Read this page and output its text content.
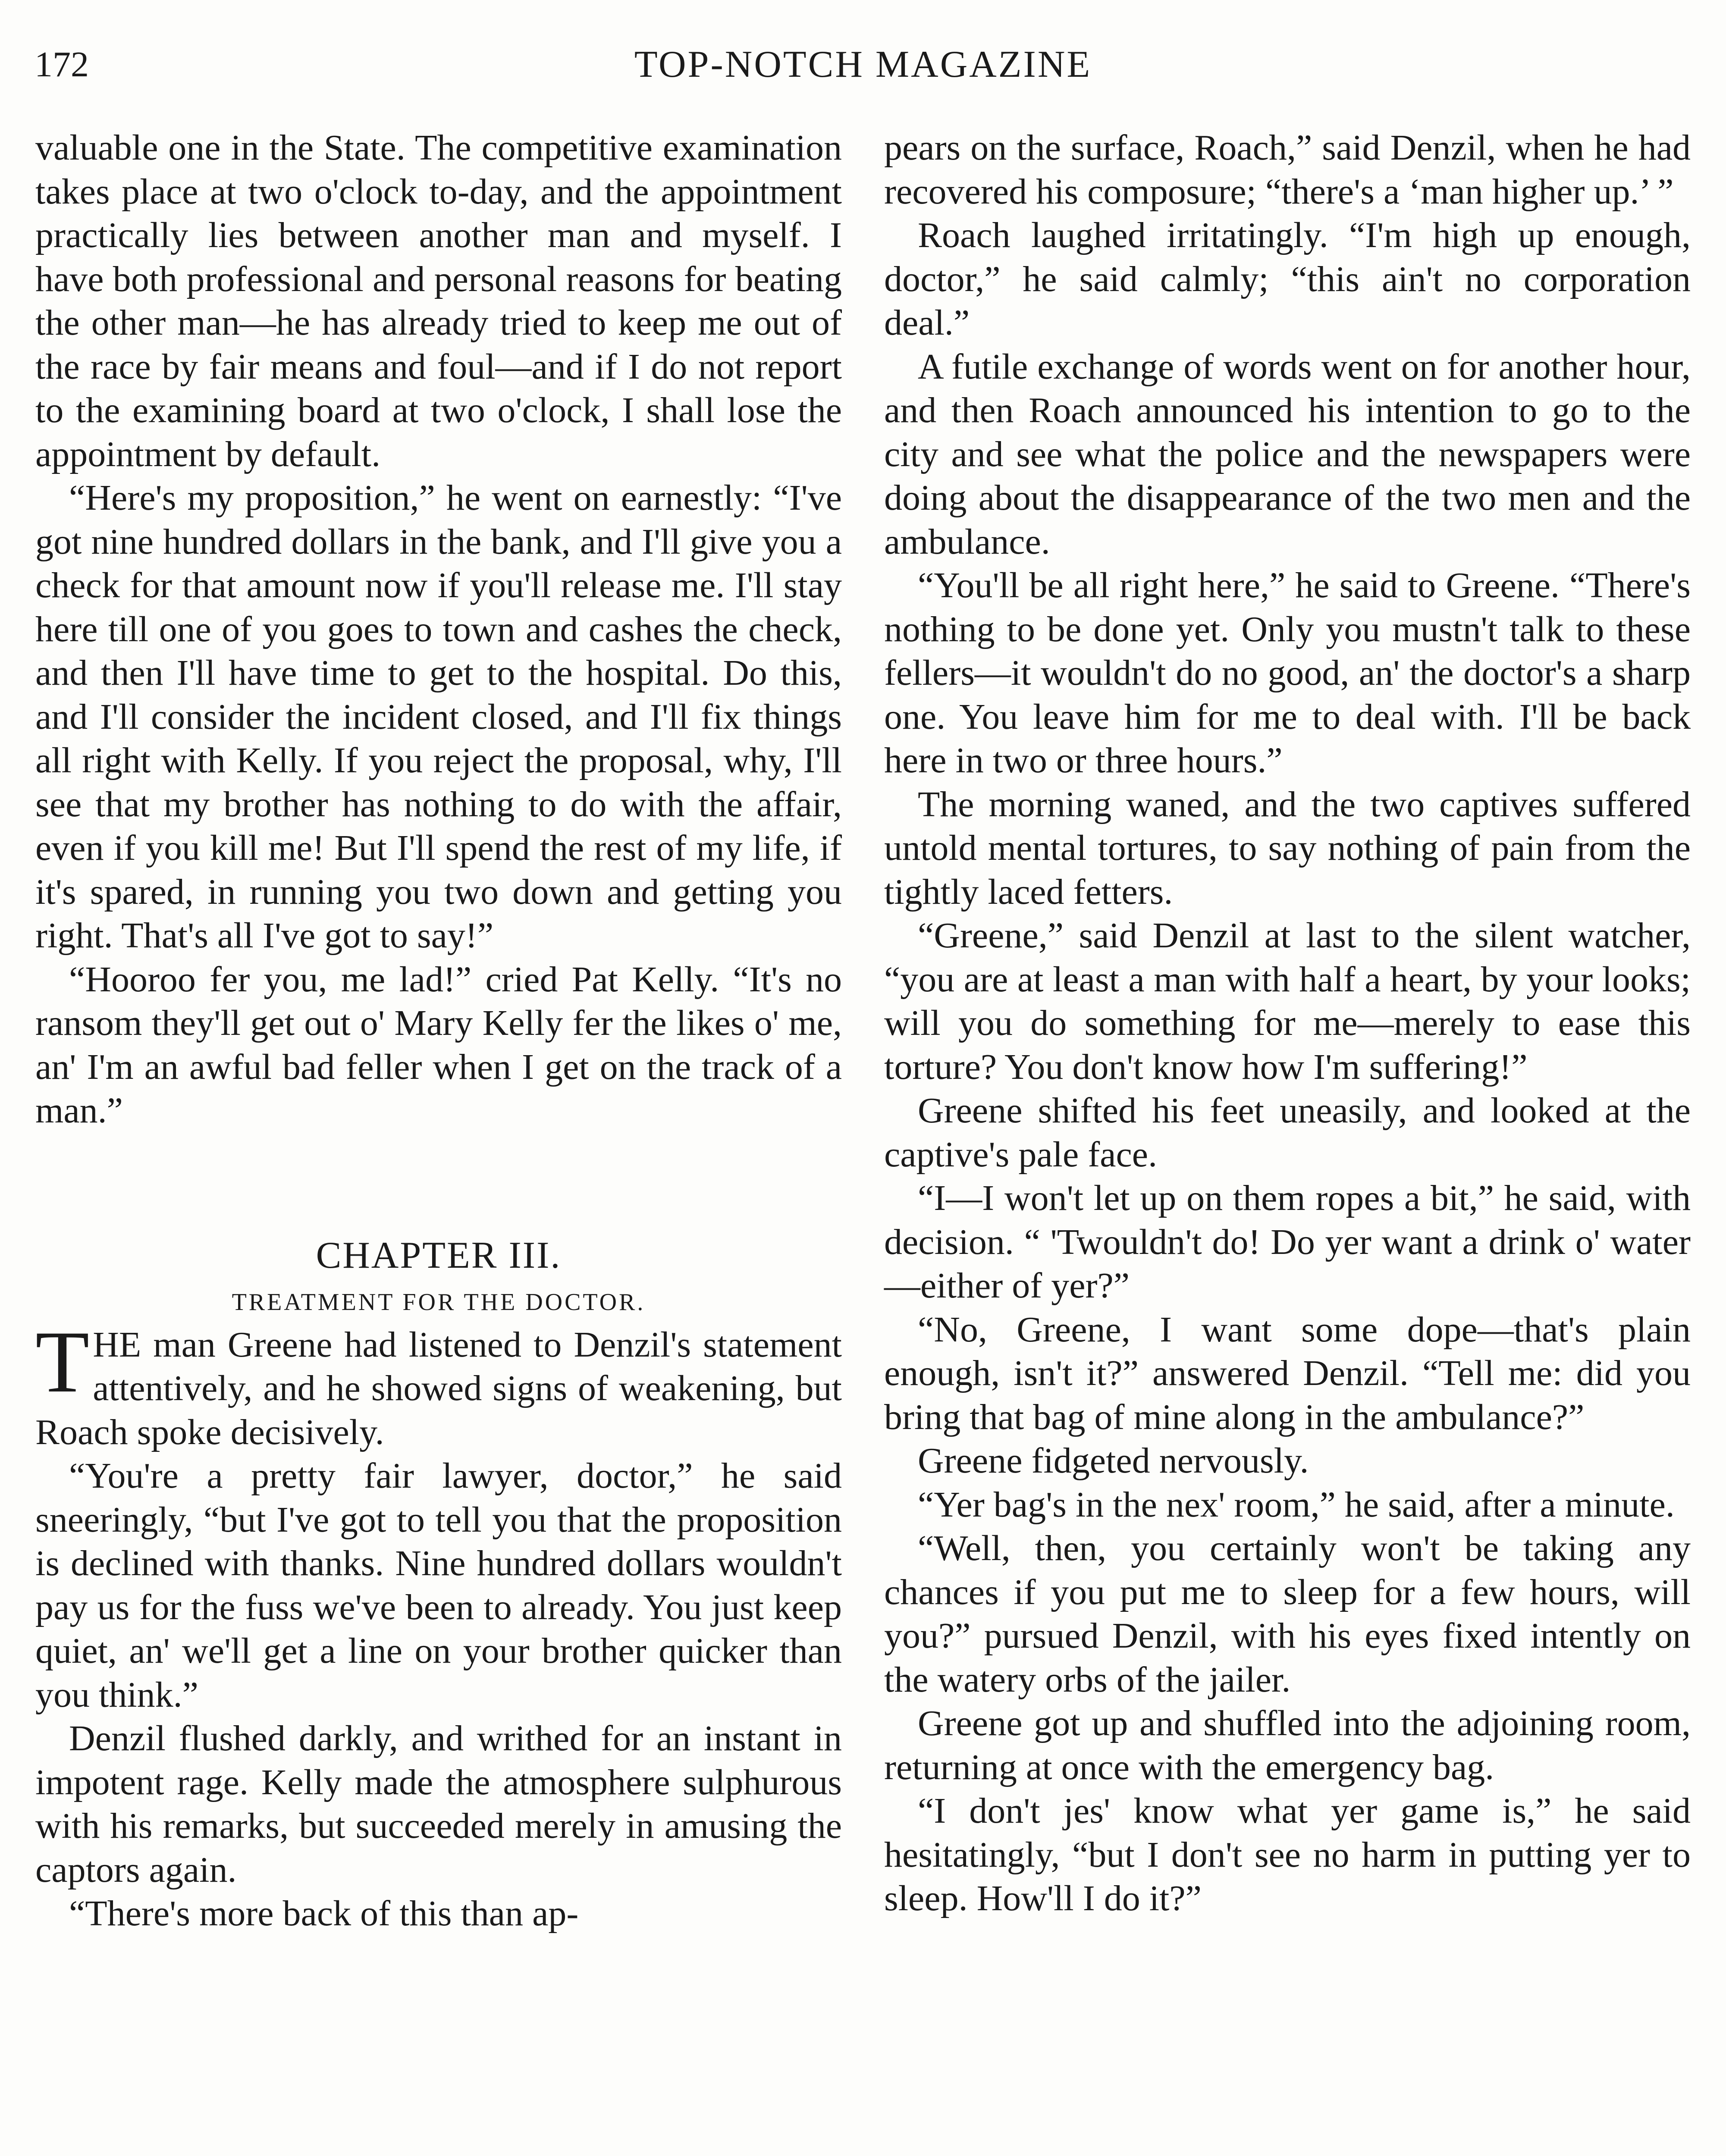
172	TOP-NOTCH MAGAZINE

valuable one in the State. The competitive examination takes place at two o'clock to-day, and the appointment practically lies between another man and myself. I have both professional and personal reasons for beating the other man—he has already tried to keep me out of the race by fair means and foul—and if I do not report to the examining board at two o'clock, I shall lose the appointment by default.

“Here's my proposition,” he went on earnestly: “I've got nine hundred dollars in the bank, and I'll give you a check for that amount now if you'll release me. I'll stay here till one of you goes to town and cashes the check, and then I'll have time to get to the hospital. Do this, and I'll consider the incident closed, and I'll fix things all right with Kelly. If you reject the proposal, why, I'll see that my brother has nothing to do with the affair, even if you kill me! But I'll spend the rest of my life, if it's spared, in running you two down and getting you right. That's all I've got to say!”

“Hooroo fer you, me lad!” cried Pat Kelly. “It's no ransom they'll get out o' Mary Kelly fer the likes o' me, an' I'm an awful bad feller when I get on the track of a man.”

CHAPTER III.

TREATMENT FOR THE DOCTOR.

THE man Greene had listened to Denzil's statement attentively, and he showed signs of weakening, but Roach spoke decisively.

“You're a pretty fair lawyer, doctor,” he said sneeringly, “but I've got to tell you that the proposition is declined with thanks. Nine hundred dollars wouldn't pay us for the fuss we've been to already. You just keep quiet, an' we'll get a line on your brother quicker than you think.”

Denzil flushed darkly, and writhed for an instant in impotent rage. Kelly made the atmosphere sulphurous with his remarks, but succeeded merely in amusing the captors again.

“There's more back of this than ap-

pears on the surface, Roach,” said Denzil, when he had recovered his composure; “there's a ‘man higher up.’ ”

Roach laughed irritatingly. “I'm high up enough, doctor,” he said calmly; “this ain't no corporation deal.”

A futile exchange of words went on for another hour, and then Roach announced his intention to go to the city and see what the police and the newspapers were doing about the disappearance of the two men and the ambulance.

“You'll be all right here,” he said to Greene. “There's nothing to be done yet. Only you mustn't talk to these fellers—it wouldn't do no good, an' the doctor's a sharp one. You leave him for me to deal with. I'll be back here in two or three hours.”

The morning waned, and the two captives suffered untold mental tortures, to say nothing of pain from the tightly laced fetters.

“Greene,” said Denzil at last to the silent watcher, “you are at least a man with half a heart, by your looks; will you do something for me—merely to ease this torture? You don't know how I'm suffering!”

Greene shifted his feet uneasily, and looked at the captive's pale face.

“I—I won't let up on them ropes a bit,” he said, with decision. “ 'Twouldn't do! Do yer want a drink o' water—either of yer?”

“No, Greene, I want some dope—that's plain enough, isn't it?” answered Denzil. “Tell me: did you bring that bag of mine along in the ambulance?”

Greene fidgeted nervously.

“Yer bag's in the nex' room,” he said, after a minute.

“Well, then, you certainly won't be taking any chances if you put me to sleep for a few hours, will you?” pursued Denzil, with his eyes fixed intently on the watery orbs of the jailer.

Greene got up and shuffled into the adjoining room, returning at once with the emergency bag.

“I don't jes' know what yer game is,” he said hesitatingly, “but I don't see no harm in putting yer to sleep. How'll I do it?”
